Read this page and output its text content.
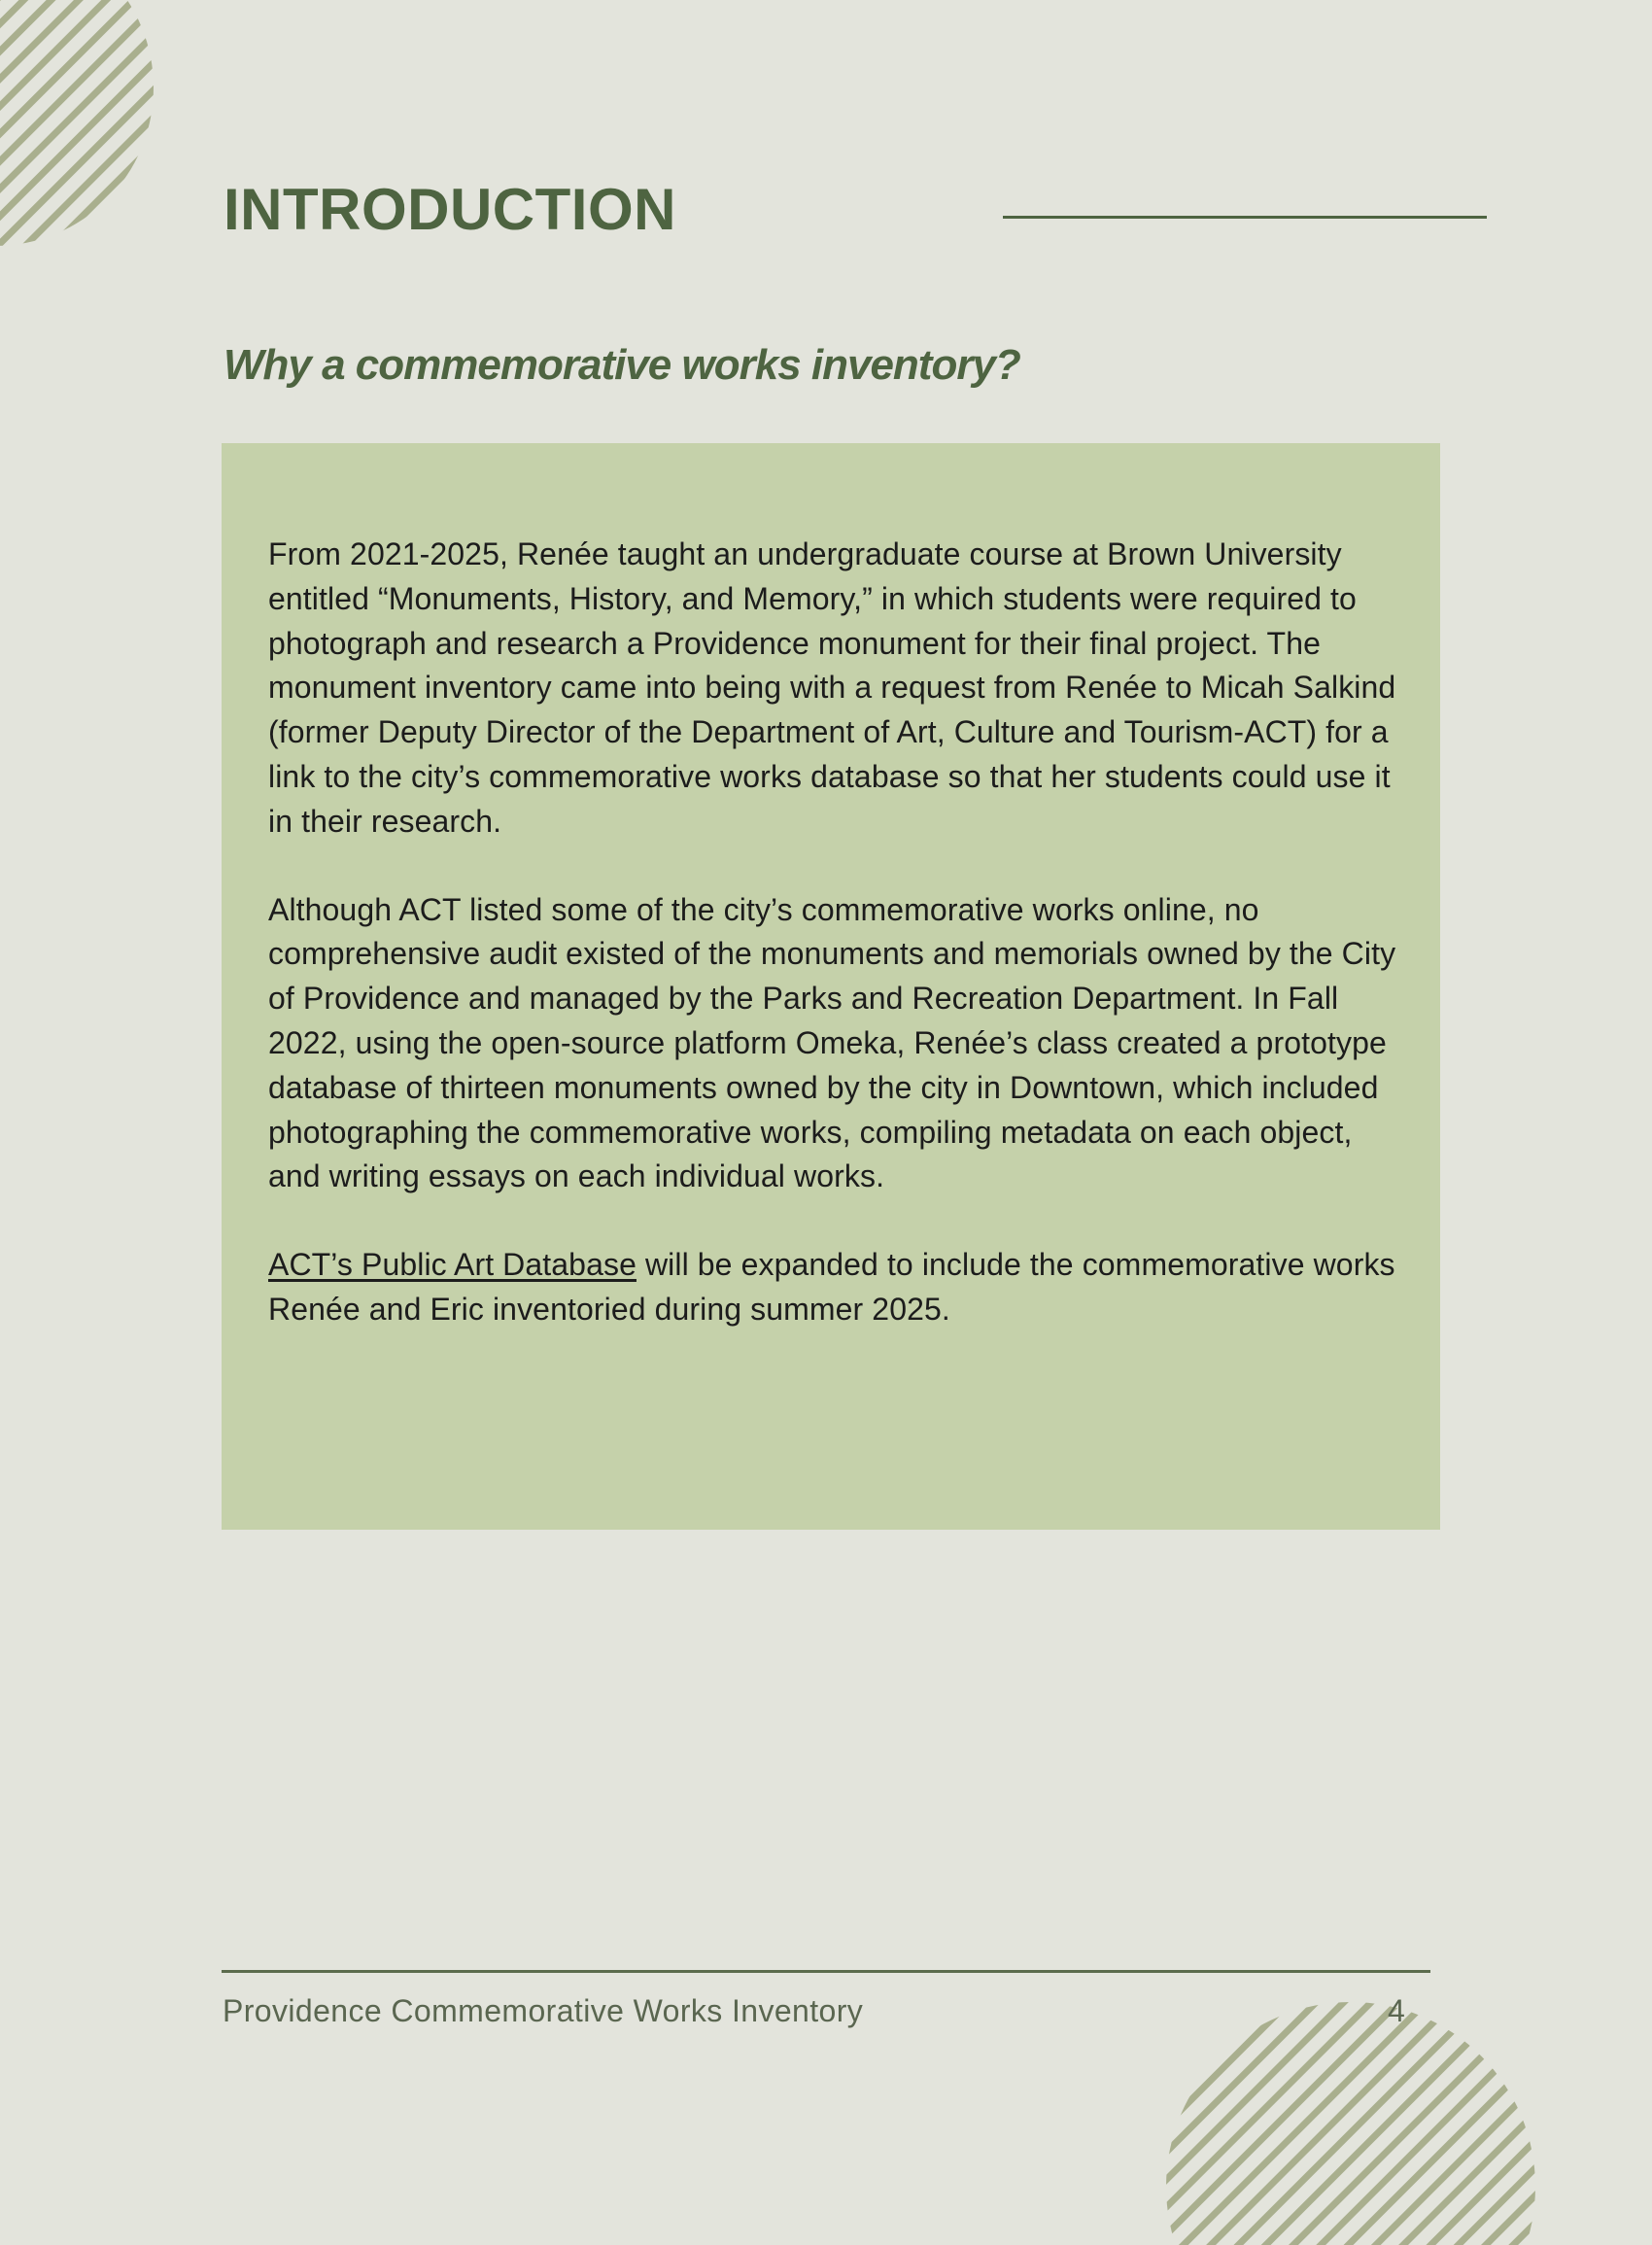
INTRODUCTION
Why a commemorative works inventory?

From 2021-2025, Renée taught an undergraduate course at Brown University entitled “Monuments, History, and Memory,” in which students were required to photograph and research a Providence monument for their final project. The monument inventory came into being with a request from Renée to Micah Salkind (former Deputy Director of the Department of Art, Culture and Tourism-ACT) for a link to the city’s commemorative works database so that her students could use it in their research.

Although ACT listed some of the city’s commemorative works online, no comprehensive audit existed of the monuments and memorials owned by the City of Providence and managed by the Parks and Recreation Department. In Fall 2022, using the open-source platform Omeka, Renée’s class created a prototype database of thirteen monuments owned by the city in Downtown, which included photographing the commemorative works, compiling metadata on each object, and writing essays on each individual works.

ACT’s Public Art Database will be expanded to include the commemorative works Renée and Eric inventoried during summer 2025.

Providence Commemorative Works Inventory	4
